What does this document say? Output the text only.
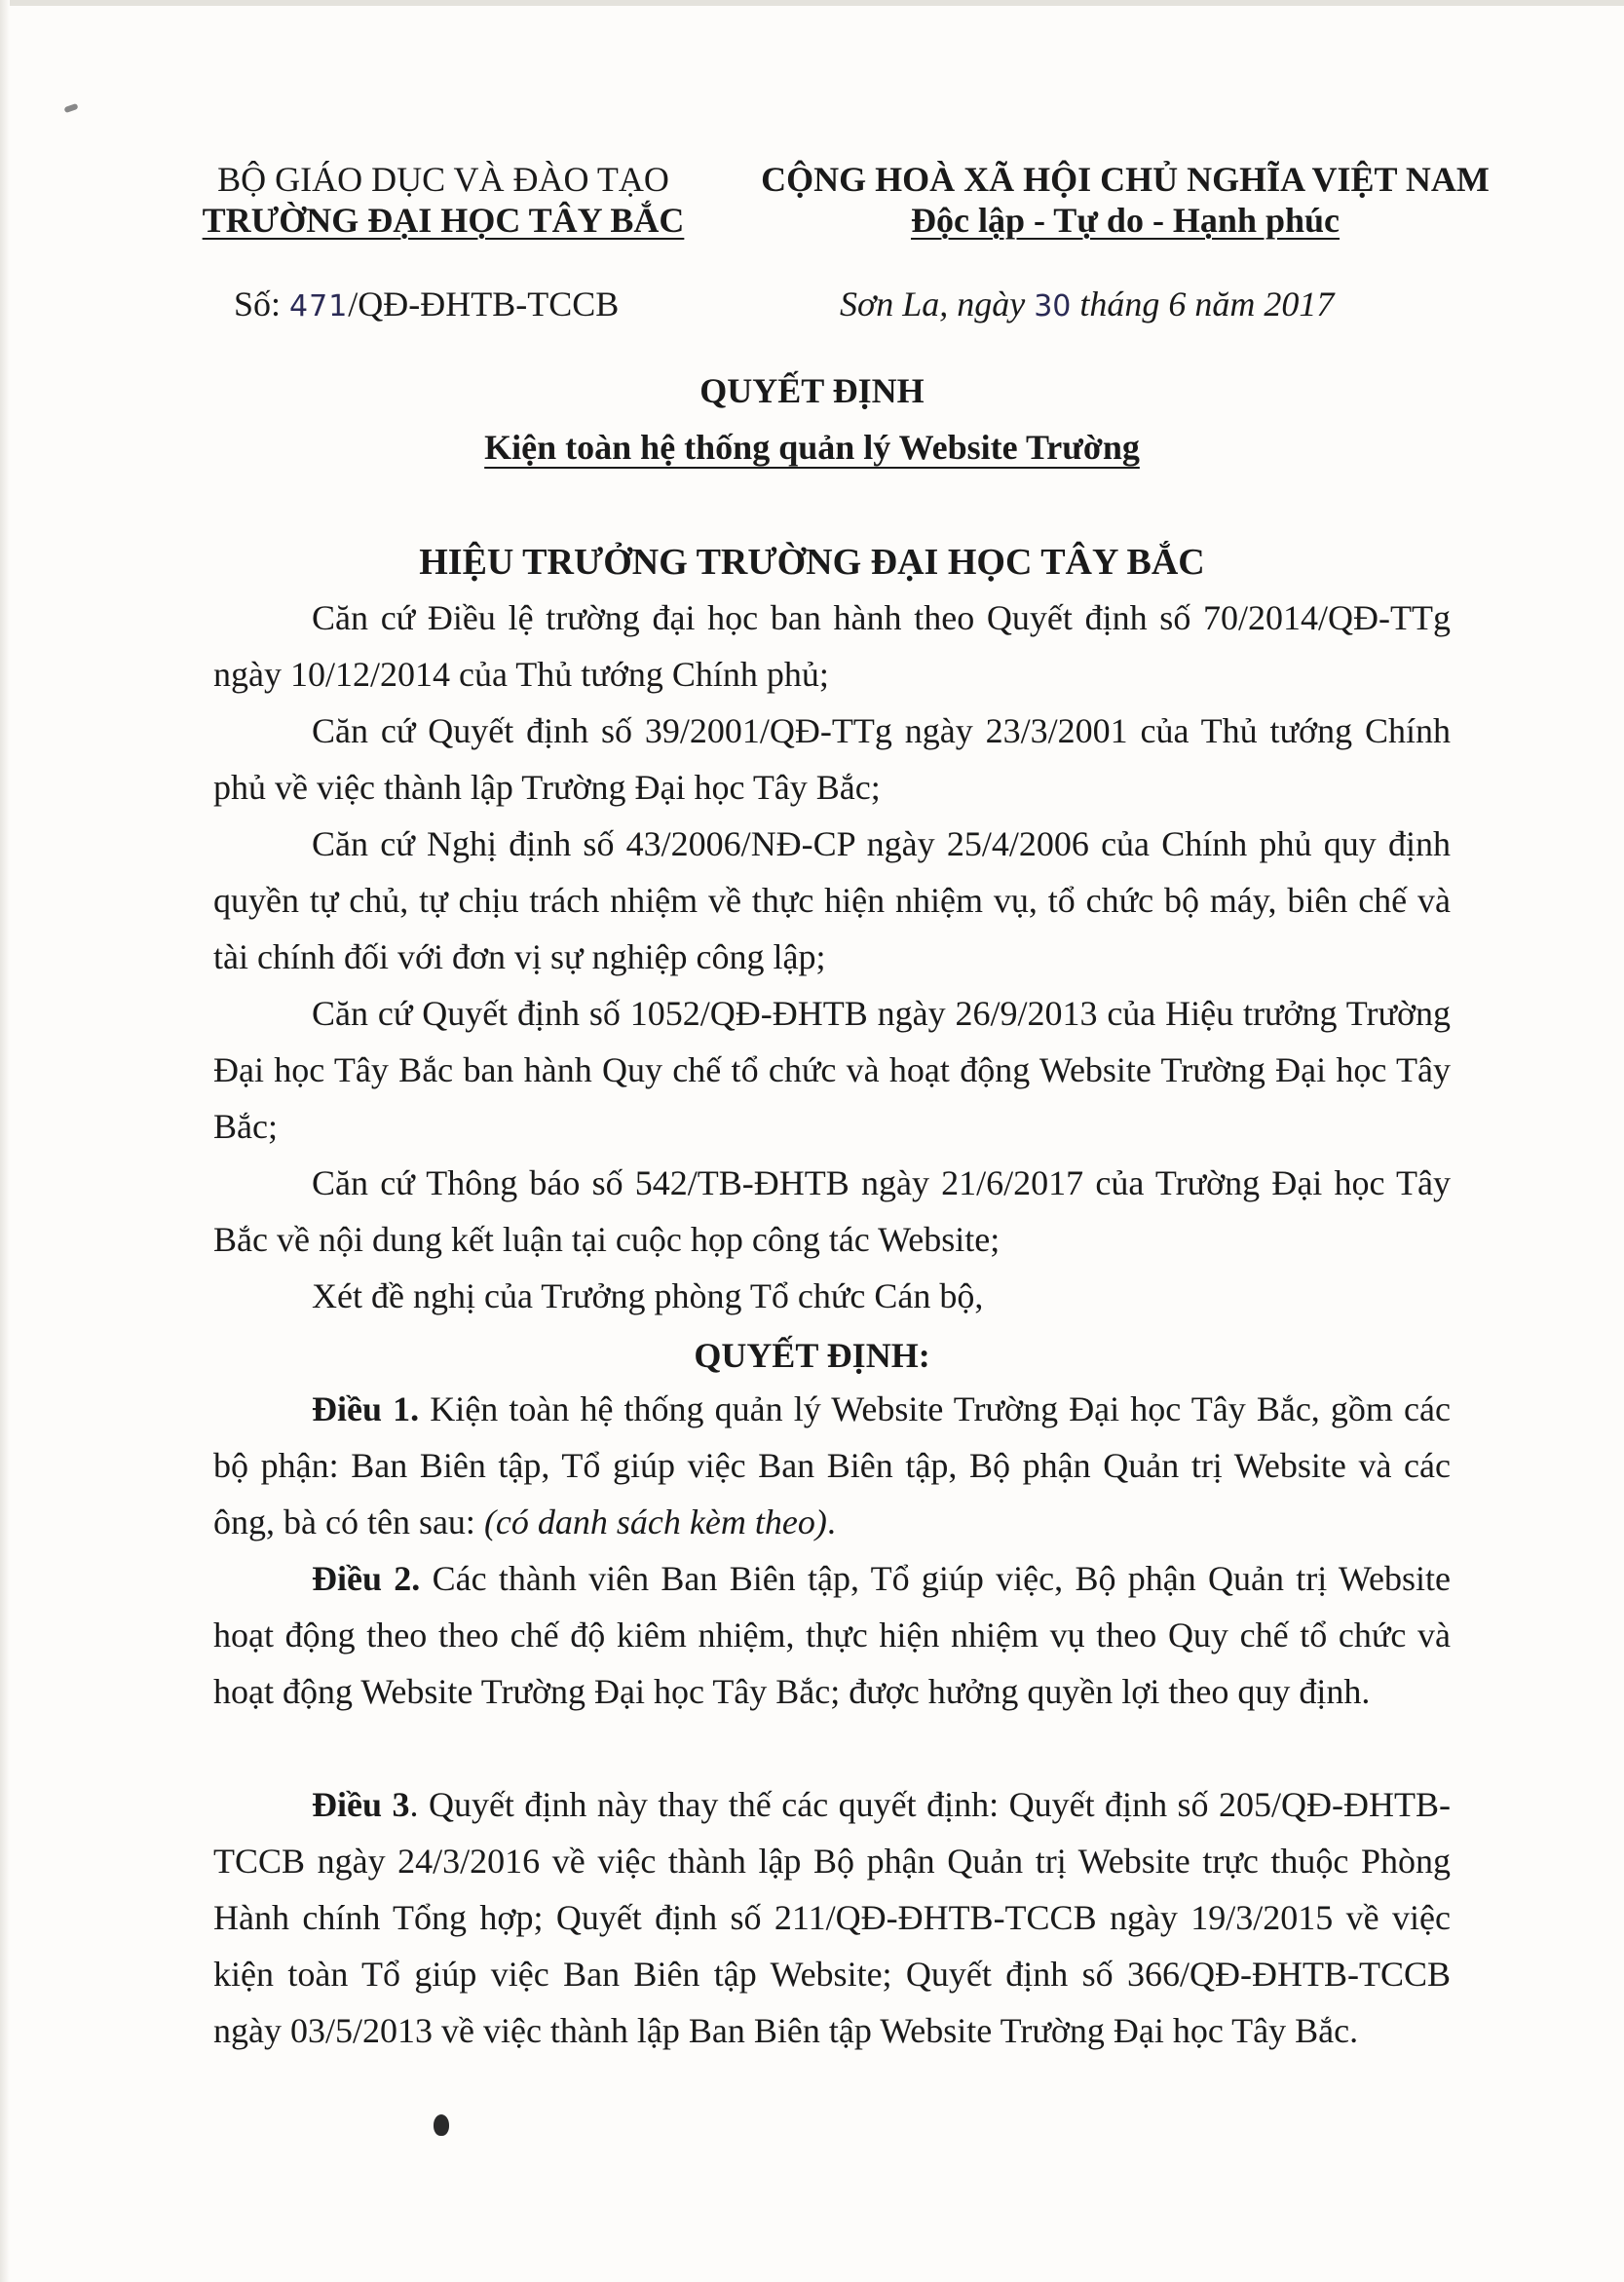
BỘ GIÁO DỤC VÀ ĐÀO TẠO
TRƯỜNG ĐẠI HỌC TÂY BẮC
CỘNG HOÀ XÃ HỘI CHỦ NGHĨA VIỆT NAM
Độc lập - Tự do - Hạnh phúc
Số: 471/QĐ-ĐHTB-TCCB	Sơn La, ngày 30 tháng 6 năm 2017
QUYẾT ĐỊNH
Kiện toàn hệ thống quản lý Website Trường
HIỆU TRƯỞNG TRƯỜNG ĐẠI HỌC TÂY BẮC
Căn cứ Điều lệ trường đại học ban hành theo Quyết định số 70/2014/QĐ-TTg ngày 10/12/2014 của Thủ tướng Chính phủ;
Căn cứ Quyết định số 39/2001/QĐ-TTg ngày 23/3/2001 của Thủ tướng Chính phủ về việc thành lập Trường Đại học Tây Bắc;
Căn cứ Nghị định số 43/2006/NĐ-CP ngày 25/4/2006 của Chính phủ quy định quyền tự chủ, tự chịu trách nhiệm về thực hiện nhiệm vụ, tổ chức bộ máy, biên chế và tài chính đối với đơn vị sự nghiệp công lập;
Căn cứ Quyết định số 1052/QĐ-ĐHTB ngày 26/9/2013 của Hiệu trưởng Trường Đại học Tây Bắc ban hành Quy chế tổ chức và hoạt động Website Trường Đại học Tây Bắc;
Căn cứ Thông báo số 542/TB-ĐHTB ngày 21/6/2017 của Trường Đại học Tây Bắc về nội dung kết luận tại cuộc họp công tác Website;
Xét đề nghị của Trưởng phòng Tổ chức Cán bộ,
QUYẾT ĐỊNH:
Điều 1. Kiện toàn hệ thống quản lý Website Trường Đại học Tây Bắc, gồm các bộ phận: Ban Biên tập, Tổ giúp việc Ban Biên tập, Bộ phận Quản trị Website và các ông, bà có tên sau: (có danh sách kèm theo).
Điều 2. Các thành viên Ban Biên tập, Tổ giúp việc, Bộ phận Quản trị Website hoạt động theo theo chế độ kiêm nhiệm, thực hiện nhiệm vụ theo Quy chế tổ chức và hoạt động Website Trường Đại học Tây Bắc; được hưởng quyền lợi theo quy định.
Điều 3. Quyết định này thay thế các quyết định: Quyết định số 205/QĐ-ĐHTB-TCCB ngày 24/3/2016 về việc thành lập Bộ phận Quản trị Website trực thuộc Phòng Hành chính Tổng hợp; Quyết định số 211/QĐ-ĐHTB-TCCB ngày 19/3/2015 về việc kiện toàn Tổ giúp việc Ban Biên tập Website; Quyết định số 366/QĐ-ĐHTB-TCCB ngày 03/5/2013 về việc thành lập Ban Biên tập Website Trường Đại học Tây Bắc.
